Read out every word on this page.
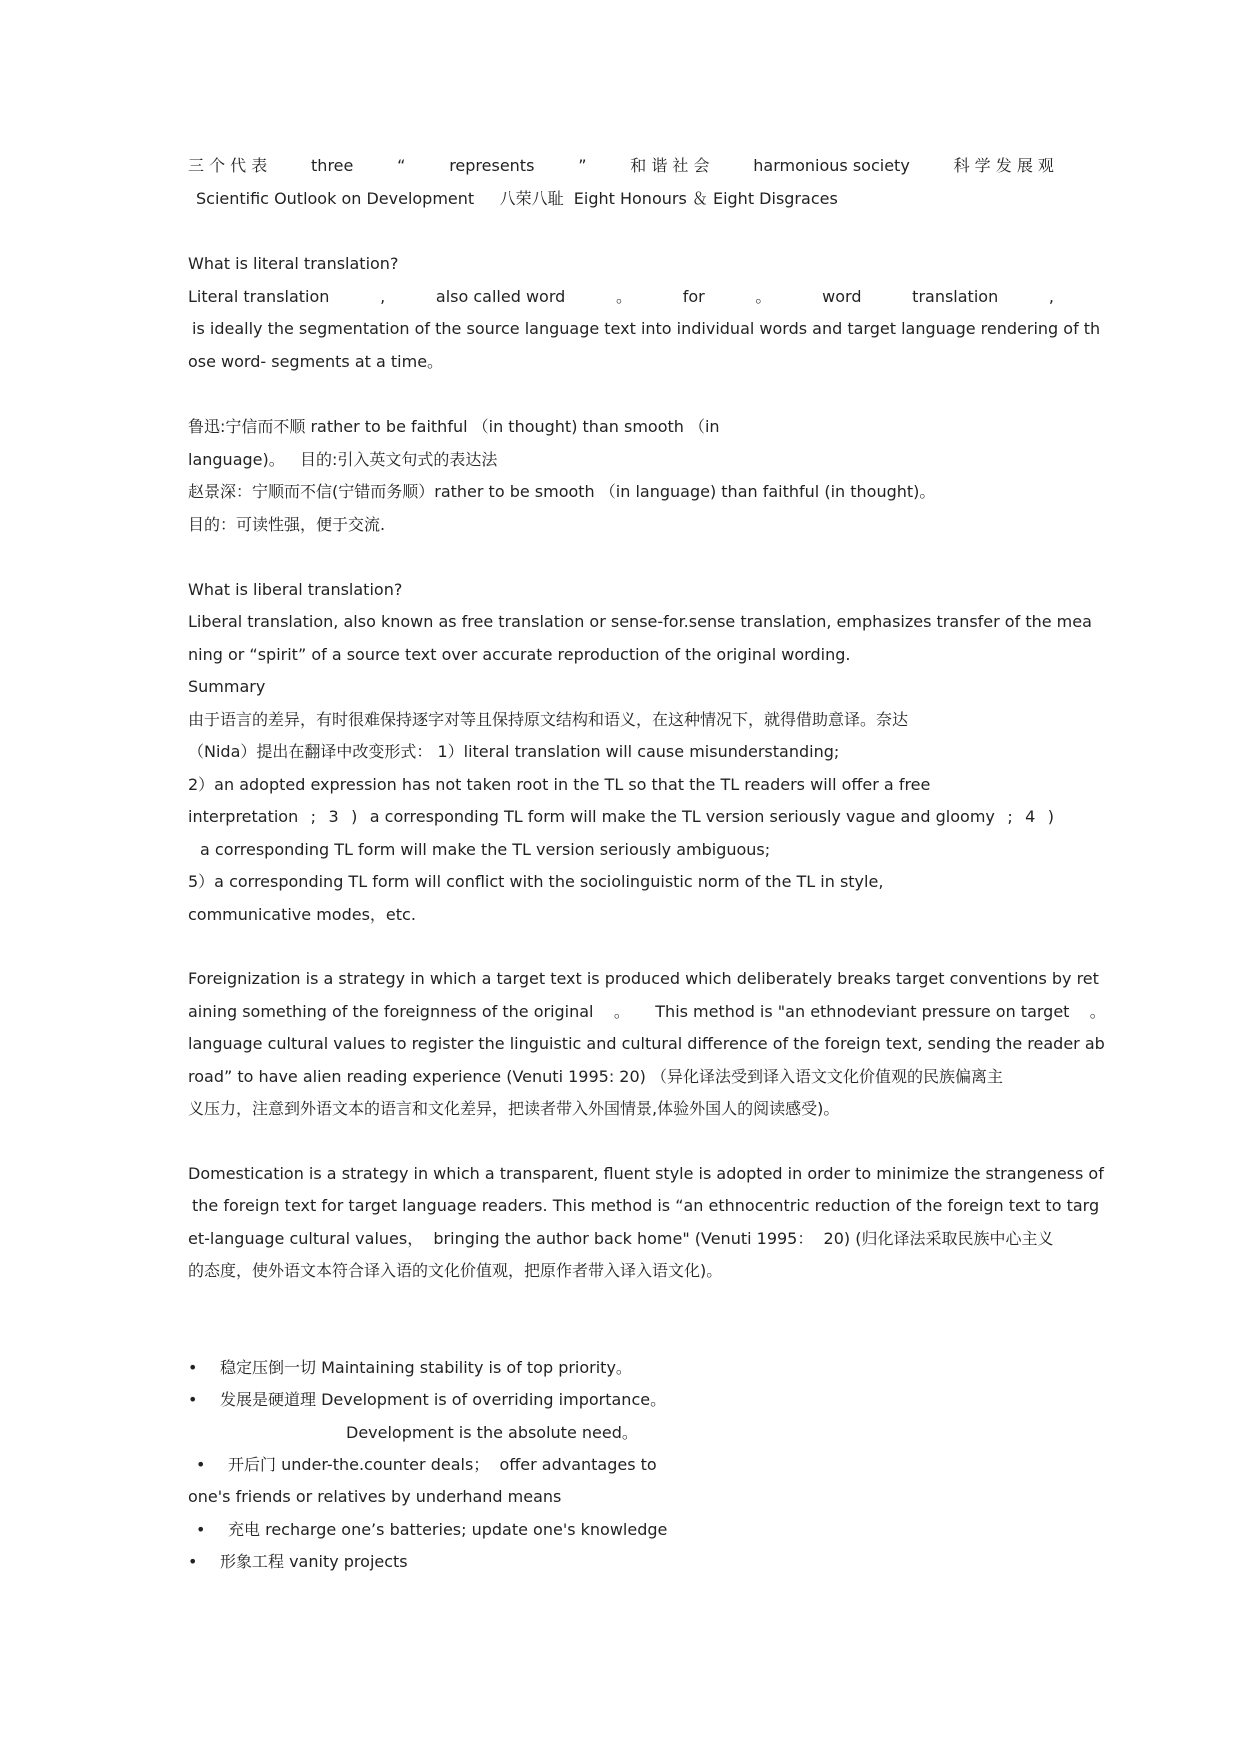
三 个 代 表	three	“	represents	”	和 谐 社 会	harmonious society	科 学 发 展 观
Scientific Outlook on Development     八荣八耻  Eight Honours ＆ Eight Disgraces
What is literal translation?
Literal translation	,	also called word	。	for	。	word	translation	,
is ideally the segmentation of the source language text into individual words and target language rendering of th
ose word- segments at a time。
鲁迅:宁信而不顺 rather to be faithful （in thought) than smooth （in
language)。   目的:引入英文句式的表达法
赵景深：宁顺而不信(宁错而务顺）rather to be smooth （in language) than faithful (in thought)。
目的：可读性强，便于交流.
What is liberal translation?
Liberal translation, also known as free translation or sense-for.sense translation, emphasizes transfer of the mea
ning or “spirit” of a source text over accurate reproduction of the original wording.
Summary
由于语言的差异，有时很难保持逐字对等且保持原文结构和语义，在这种情况下，就得借助意译。奈达
（Nida）提出在翻译中改变形式： 1）literal translation will cause misunderstanding;
2）an adopted expression has not taken root in the TL so that the TL readers will offer a free
interpretation ; 3 ) a corresponding TL form will make the TL version seriously vague and gloomy ; 4 )
a corresponding TL form will make the TL version seriously ambiguous;
5）a corresponding TL form will conflict with the sociolinguistic norm of the TL in style,
communicative modes，etc.
Foreignization is a strategy in which a target text is produced which deliberately breaks target conventions by ret
aining something of the foreignness of the original    。     This method is "an ethnodeviant pressure on target    。
language cultural values to register the linguistic and cultural difference of the foreign text, sending the reader ab
road” to have alien reading experience (Venuti 1995: 20) （异化译法受到译入语文文化价值观的民族偏离主
义压力，注意到外语文本的语言和文化差异，把读者带入外国情景,体验外国人的阅读感受)。
Domestication is a strategy in which a transparent, fluent style is adopted in order to minimize the strangeness of
the foreign text for target language readers. This method is “an ethnocentric reduction of the foreign text to targ
et-language cultural values，  bringing the author back home" (Venuti 1995：  20) (归化译法采取民族中心主义
的态度，使外语文本符合译入语的文化价值观，把原作者带入译入语文化)。
• 稳定压倒一切 Maintaining stability is of top priority。
• 发展是硬道理 Development is of overriding importance。
Development is the absolute need。
• 开后门 under-the.counter deals；  offer advantages to
one's friends or relatives by underhand means
• 充电 recharge one’s batteries; update one's knowledge
• 形象工程 vanity projects
